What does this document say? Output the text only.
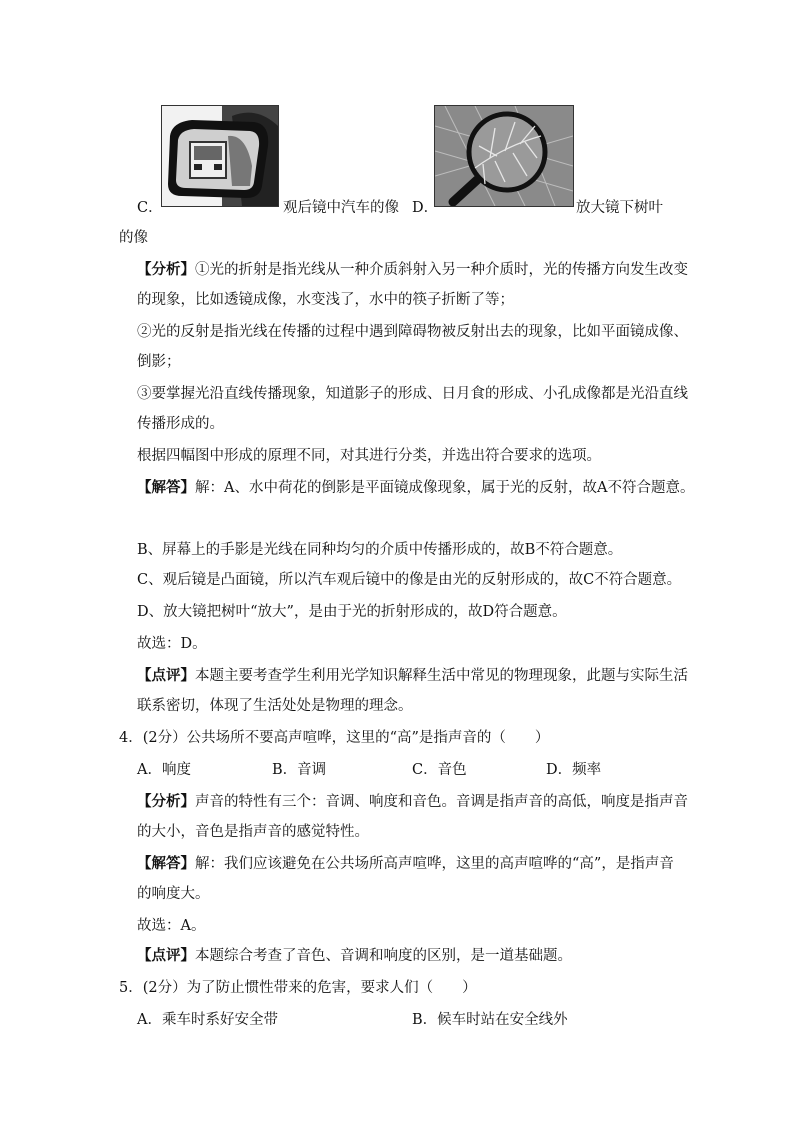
C．	观后镜中汽车的像 D．	放大镜下树叶
的像
【分析】①光的折射是指光线从一种介质斜射入另一种介质时，光的传播方向发生改变
的现象，比如透镜成像，水变浅了，水中的筷子折断了等；
②光的反射是指光线在传播的过程中遇到障碍物被反射出去的现象，比如平面镜成像、
倒影；
③要掌握光沿直线传播现象，知道影子的形成、日月食的形成、小孔成像都是光沿直线
传播形成的。
根据四幅图中形成的原理不同，对其进行分类，并选出符合要求的选项。
【解答】解：A、水中荷花的倒影是平面镜成像现象，属于光的反射，故A不符合题意。
B、屏幕上的手影是光线在同种均匀的介质中传播形成的，故B不符合题意。
C、观后镜是凸面镜，所以汽车观后镜中的像是由光的反射形成的，故C不符合题意。
D、放大镜把树叶“放大”，是由于光的折射形成的，故D符合题意。
故选：D。
【点评】本题主要考查学生利用光学知识解释生活中常见的物理现象，此题与实际生活
联系密切，体现了生活处处是物理的理念。
4．(2分）公共场所不要高声喧哗，这里的“高”是指声音的（　　）
A．响度	B．音调	C．音色	D．频率
【分析】声音的特性有三个：音调、响度和音色。音调是指声音的高低，响度是指声音
的大小，音色是指声音的感觉特性。
【解答】解：我们应该避免在公共场所高声喧哗，这里的高声喧哗的“高”，是指声音
的响度大。
故选：A。
【点评】本题综合考查了音色、音调和响度的区别，是一道基础题。
5．(2分）为了防止惯性带来的危害，要求人们（　　）
A．乘车时系好安全带	B．候车时站在安全线外
